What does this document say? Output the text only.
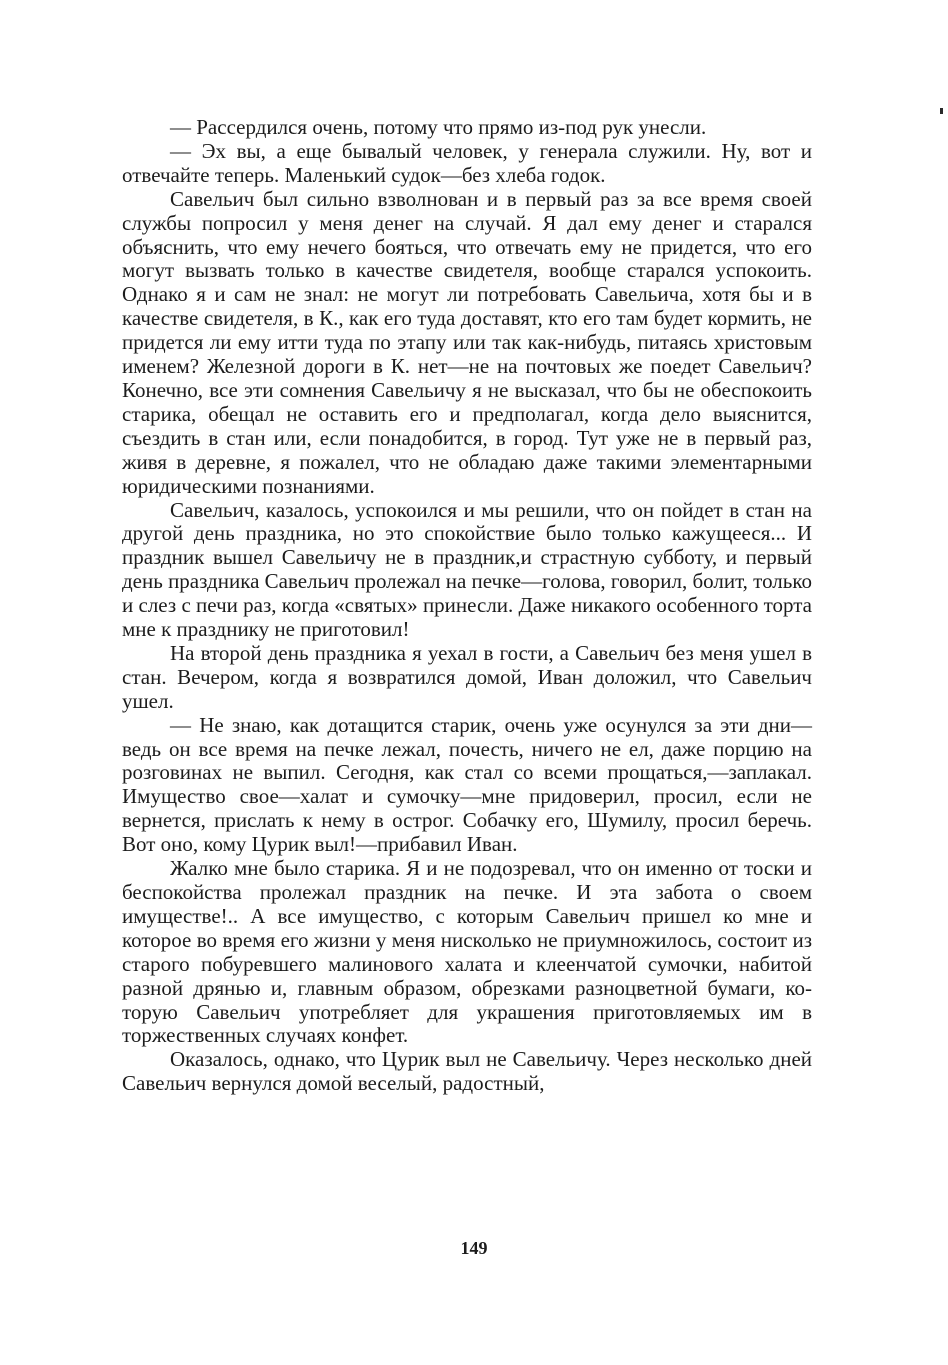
— Рассердился очень, потому что прямо из-под рук унесли.

— Эх вы, а еще бывалый человек, у генерала служили. Ну, вот и отвечайте теперь. Маленький судок—без хлеба годок.

Савельич был сильно взволнован и в первый раз за все время своей службы попросил у меня денег на случай. Я дал ему денег и старался объяснить, что ему нечего бояться, что отвечать ему не придется, что его могут вызвать только в качестве свидетеля, вообще старался успокоить. Однако я и сам не знал: не могут ли потребовать Савельича, хотя бы и в качестве свидетеля, в К., как его туда доставят, кто его там будет кормить, не придется ли ему итти туда по этапу или так как-нибудь, питаясь христовым именем? Железной дороги в К. нет—не на почтовых же поедет Савельич? Конечно, все эти сомнения Савельичу я не высказал, что бы не обеспокоить старика, обещал не оставить его и предполагал, когда дело выяснится, съездить в стан или, если понадобится, в город. Тут уже не в первый раз, живя в деревне, я пожалел, что не обладаю даже такими элементарными юридическими познаниями.

Савельич, казалось, успокоился и мы решили, что он пойдет в стан на другой день праздника, но это спокойствие было только кажущееся... И праздник вышел Савельичу не в праздник,и страстную субботу, и первый день праздника Савельич пролежал на печке—голова, говорил, болит, только и слез с печи раз, когда «святых» принесли. Даже никакого особенного торта мне к празднику не приготовил!

На второй день праздника я уехал в гости, а Савельич без меня ушел в стан. Вечером, когда я возвратился домой, Иван доложил, что Савельич ушел.

— Не знаю, как дотащится старик, очень уже осунулся за эти дни—ведь он все время на печке лежал, почесть, ничего не ел, даже порцию на розговинах не выпил. Сегодня, как стал со всеми прощаться,—заплакал. Имущество свое—халат и сумочку—мне придоверил, просил, если не вернется, прислать к нему в острог. Собачку его, Шумилу, просил беречь. Вот оно, кому Цурик выл!—прибавил Иван.

Жалко мне было старика. Я и не подозревал, что он именно от тоски и беспокойства пролежал праздник на печке. И эта забота о своем имуществе!.. А все имущество, с которым Савельич пришел ко мне и которое во время его жизни у меня нисколько не приумножилось, состоит из старого побуревшего малинового халата и клеенчатой сумочки, набитой разной дрянью и, главным образом, обрезками разноцветной бумаги, которую Савельич употребляет для украшения приготовляемых им в торжественных случаях конфет.

Оказалось, однако, что Цурик выл не Савельичу. Через несколько дней Савельич вернулся домой веселый, радостный,

149
